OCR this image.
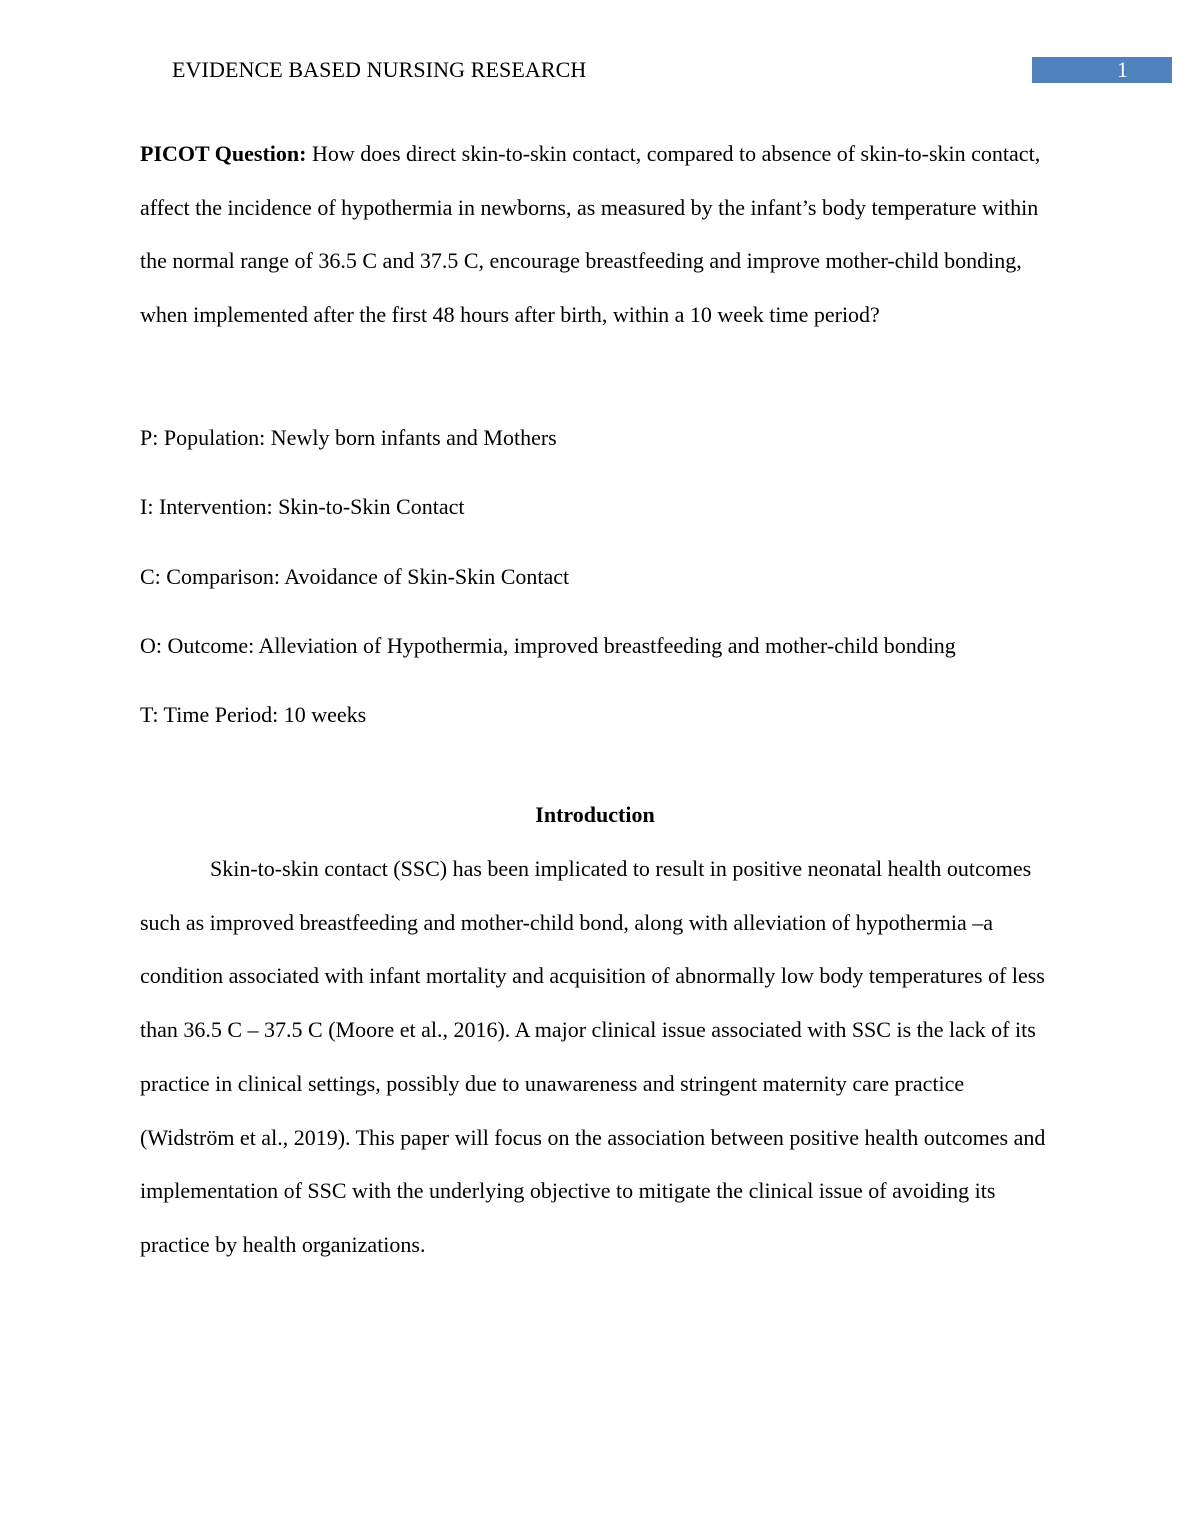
EVIDENCE BASED NURSING RESEARCH	1

PICOT Question: How does direct skin-to-skin contact, compared to absence of skin-to-skin contact, affect the incidence of hypothermia in newborns, as measured by the infant’s body temperature within the normal range of 36.5 C and 37.5 C, encourage breastfeeding and improve mother-child bonding, when implemented after the first 48 hours after birth, within a 10 week time period?

P: Population: Newly born infants and Mothers
I: Intervention: Skin-to-Skin Contact
C: Comparison: Avoidance of Skin-Skin Contact
O: Outcome: Alleviation of Hypothermia, improved breastfeeding and mother-child bonding
T: Time Period: 10 weeks
Introduction

Skin-to-skin contact (SSC) has been implicated to result in positive neonatal health outcomes such as improved breastfeeding and mother-child bond, along with alleviation of hypothermia –a condition associated with infant mortality and acquisition of abnormally low body temperatures of less than 36.5 C – 37.5 C (Moore et al., 2016). A major clinical issue associated with SSC is the lack of its practice in clinical settings, possibly due to unawareness and stringent maternity care practice (Widström et al., 2019). This paper will focus on the association between positive health outcomes and implementation of SSC with the underlying objective to mitigate the clinical issue of avoiding its practice by health organizations.
